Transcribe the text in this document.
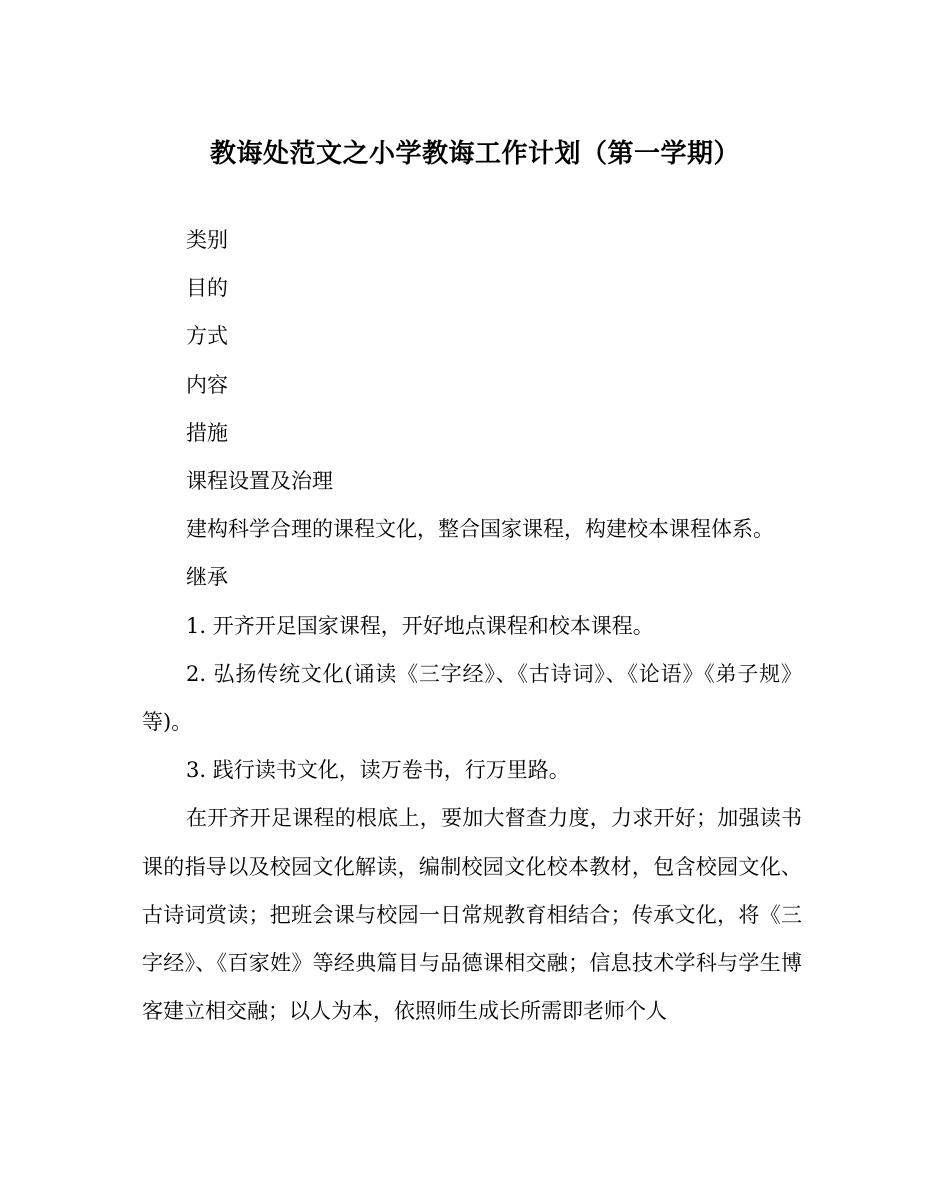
教诲处范文之小学教诲工作计划（第一学期）

类别

目的

方式

内容

措施

课程设置及治理

建构科学合理的课程文化，整合国家课程，构建校本课程体系。

继承

1. 开齐开足国家课程，开好地点课程和校本课程。

2. 弘扬传统文化(诵读《三字经》、《古诗词》、《论语》《弟子规》等)。

3. 践行读书文化，读万卷书，行万里路。

在开齐开足课程的根底上，要加大督查力度，力求开好；加强读书课的指导以及校园文化解读，编制校园文化校本教材，包含校园文化、古诗词赏读；把班会课与校园一日常规教育相结合；传承文化，将《三字经》、《百家姓》等经典篇目与品德课相交融；信息技术学科与学生博客建立相交融；以人为本，依照师生成长所需即老师个人
